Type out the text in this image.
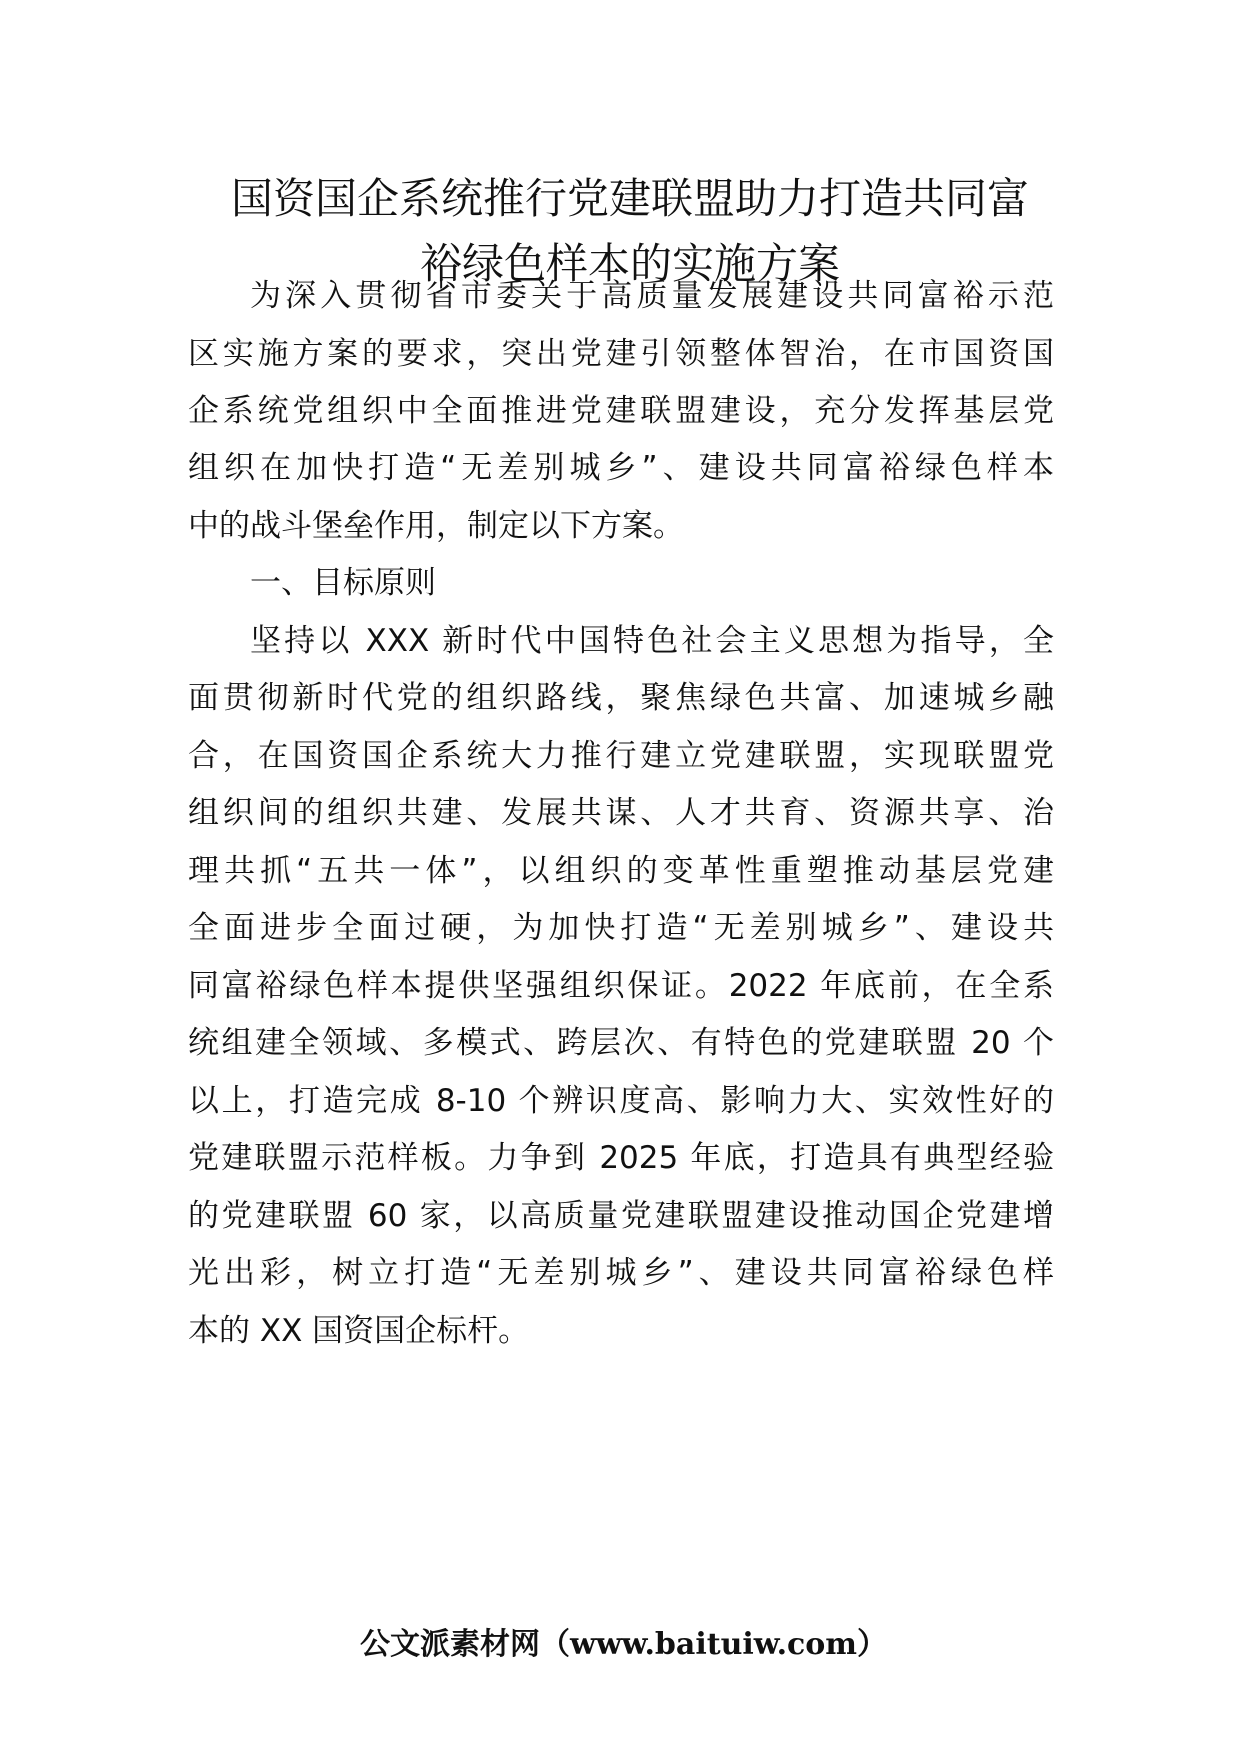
国资国企系统推行党建联盟助力打造共同富
裕绿色样本的实施方案

为深入贯彻省市委关于高质量发展建设共同富裕示范

区实施方案的要求，突出党建引领整体智治，在市国资国

企系统党组织中全面推进党建联盟建设，充分发挥基层党

组织在加快打造“无差别城乡”、建设共同富裕绿色样本

中的战斗堡垒作用，制定以下方案。

一、目标原则

坚持以 XXX 新时代中国特色社会主义思想为指导，全

面贯彻新时代党的组织路线，聚焦绿色共富、加速城乡融

合，在国资国企系统大力推行建立党建联盟，实现联盟党

组织间的组织共建、发展共谋、人才共育、资源共享、治

理共抓“五共一体”，以组织的变革性重塑推动基层党建

全面进步全面过硬，为加快打造“无差别城乡”、建设共

同富裕绿色样本提供坚强组织保证。2022 年底前，在全系

统组建全领域、多模式、跨层次、有特色的党建联盟 20 个

以上，打造完成 8-10 个辨识度高、影响力大、实效性好的

党建联盟示范样板。力争到 2025 年底，打造具有典型经验

的党建联盟 60 家，以高质量党建联盟建设推动国企党建增

光出彩，树立打造“无差别城乡”、建设共同富裕绿色样

本的 XX 国资国企标杆。

公文派素材网（www.baituiw.com）
